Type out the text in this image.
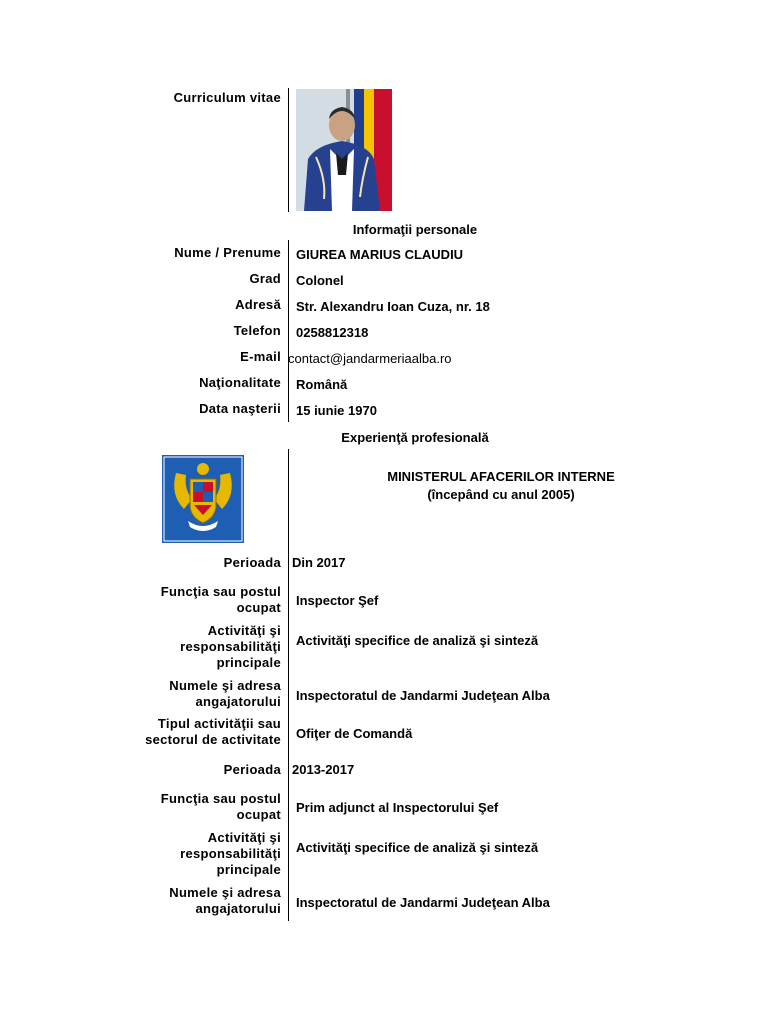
Curriculum vitae
Informaţii personale
Nume / Prenume GIUREA MARIUS CLAUDIU
Grad Colonel
Adresă Str. Alexandru Ioan Cuza, nr. 18
Telefon 0258812318
E-mail contact@jandarmeriaalba.ro
Naţionalitate Română
Data naşterii 15 iunie 1970
Experienţă profesională
MINISTERUL AFACERILOR INTERNE
(începând cu anul 2005)
Perioada Din 2017
Funcţia sau postul
ocupat Inspector Şef
Activităţi şi
responsabilităţi
principale
Activităţi specifice de analiză şi sinteză
Numele şi adresa
angajatorului Inspectoratul de Jandarmi Judeţean Alba
Tipul activităţii sau
sectorul de activitate Ofiţer de Comandă
Perioada 2013-2017
Funcţia sau postul
ocupat Prim adjunct al Inspectorului Şef
Activităţi şi
responsabilităţi
principale
Activităţi specifice de analiză şi sinteză
Numele şi adresa
angajatorului Inspectoratul de Jandarmi Judeţean Alba
